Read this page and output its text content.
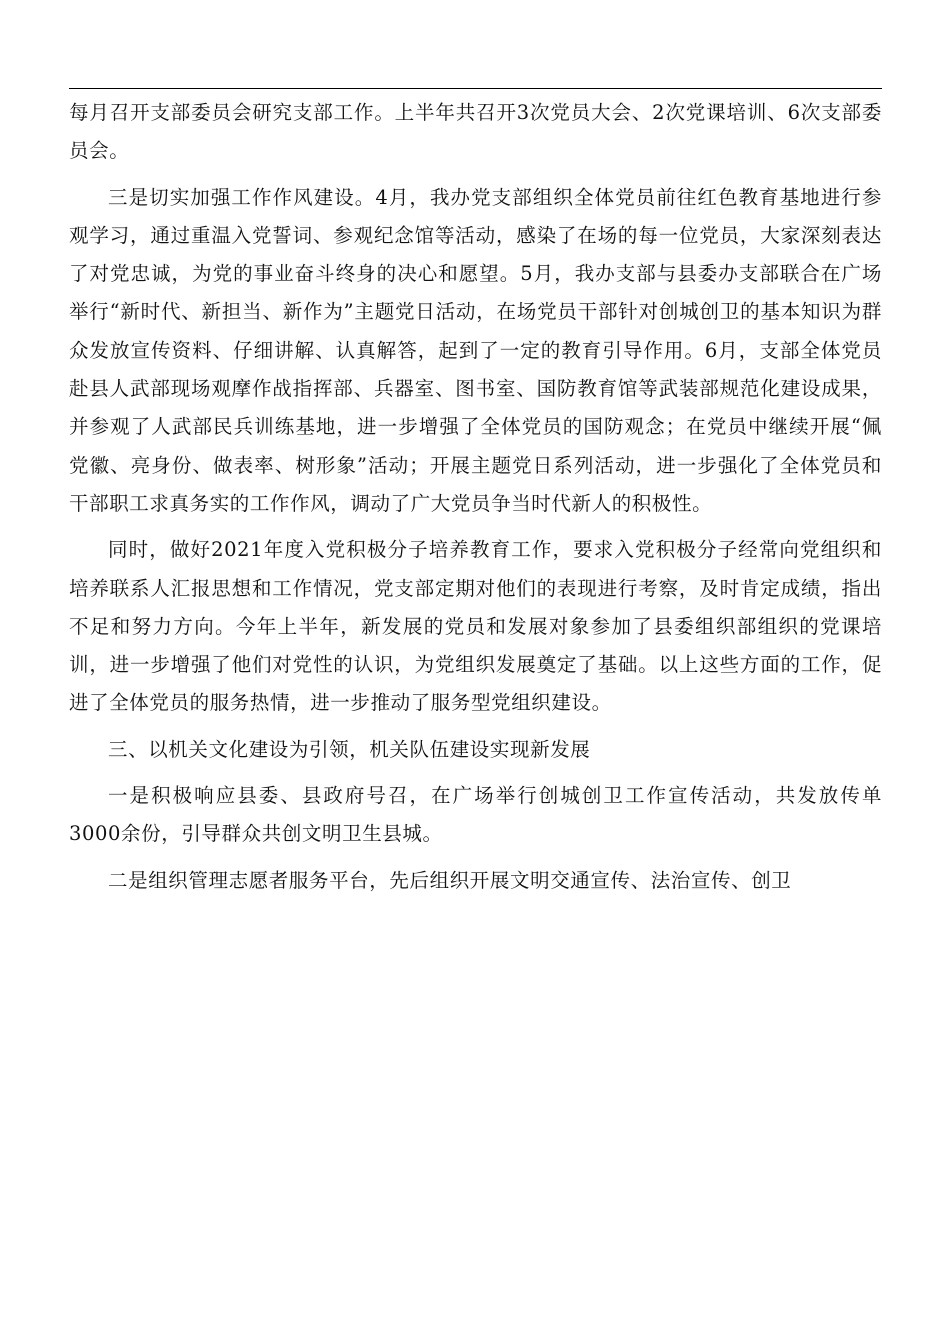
每月召开支部委员会研究支部工作。上半年共召开3次党员大会、2次党课培训、6次支部委员会。

三是切实加强工作作风建设。4月，我办党支部组织全体党员前往红色教育基地进行参观学习，通过重温入党誓词、参观纪念馆等活动，感染了在场的每一位党员，大家深刻表达了对党忠诚，为党的事业奋斗终身的决心和愿望。5月，我办支部与县委办支部联合在广场举行“新时代、新担当、新作为”主题党日活动，在场党员干部针对创城创卫的基本知识为群众发放宣传资料、仔细讲解、认真解答，起到了一定的教育引导作用。6月，支部全体党员赴县人武部现场观摩作战指挥部、兵器室、图书室、国防教育馆等武装部规范化建设成果，并参观了人武部民兵训练基地，进一步增强了全体党员的国防观念；在党员中继续开展“佩党徽、亮身份、做表率、树形象”活动；开展主题党日系列活动，进一步强化了全体党员和干部职工求真务实的工作作风，调动了广大党员争当时代新人的积极性。

同时，做好2021年度入党积极分子培养教育工作，要求入党积极分子经常向党组织和培养联系人汇报思想和工作情况，党支部定期对他们的表现进行考察，及时肯定成绩，指出不足和努力方向。今年上半年，新发展的党员和发展对象参加了县委组织部组织的党课培训，进一步增强了他们对党性的认识，为党组织发展奠定了基础。以上这些方面的工作，促进了全体党员的服务热情，进一步推动了服务型党组织建设。

三、以机关文化建设为引领，机关队伍建设实现新发展

一是积极响应县委、县政府号召，在广场举行创城创卫工作宣传活动，共发放传单3000余份，引导群众共创文明卫生县城。

二是组织管理志愿者服务平台，先后组织开展文明交通宣传、法治宣传、创卫
